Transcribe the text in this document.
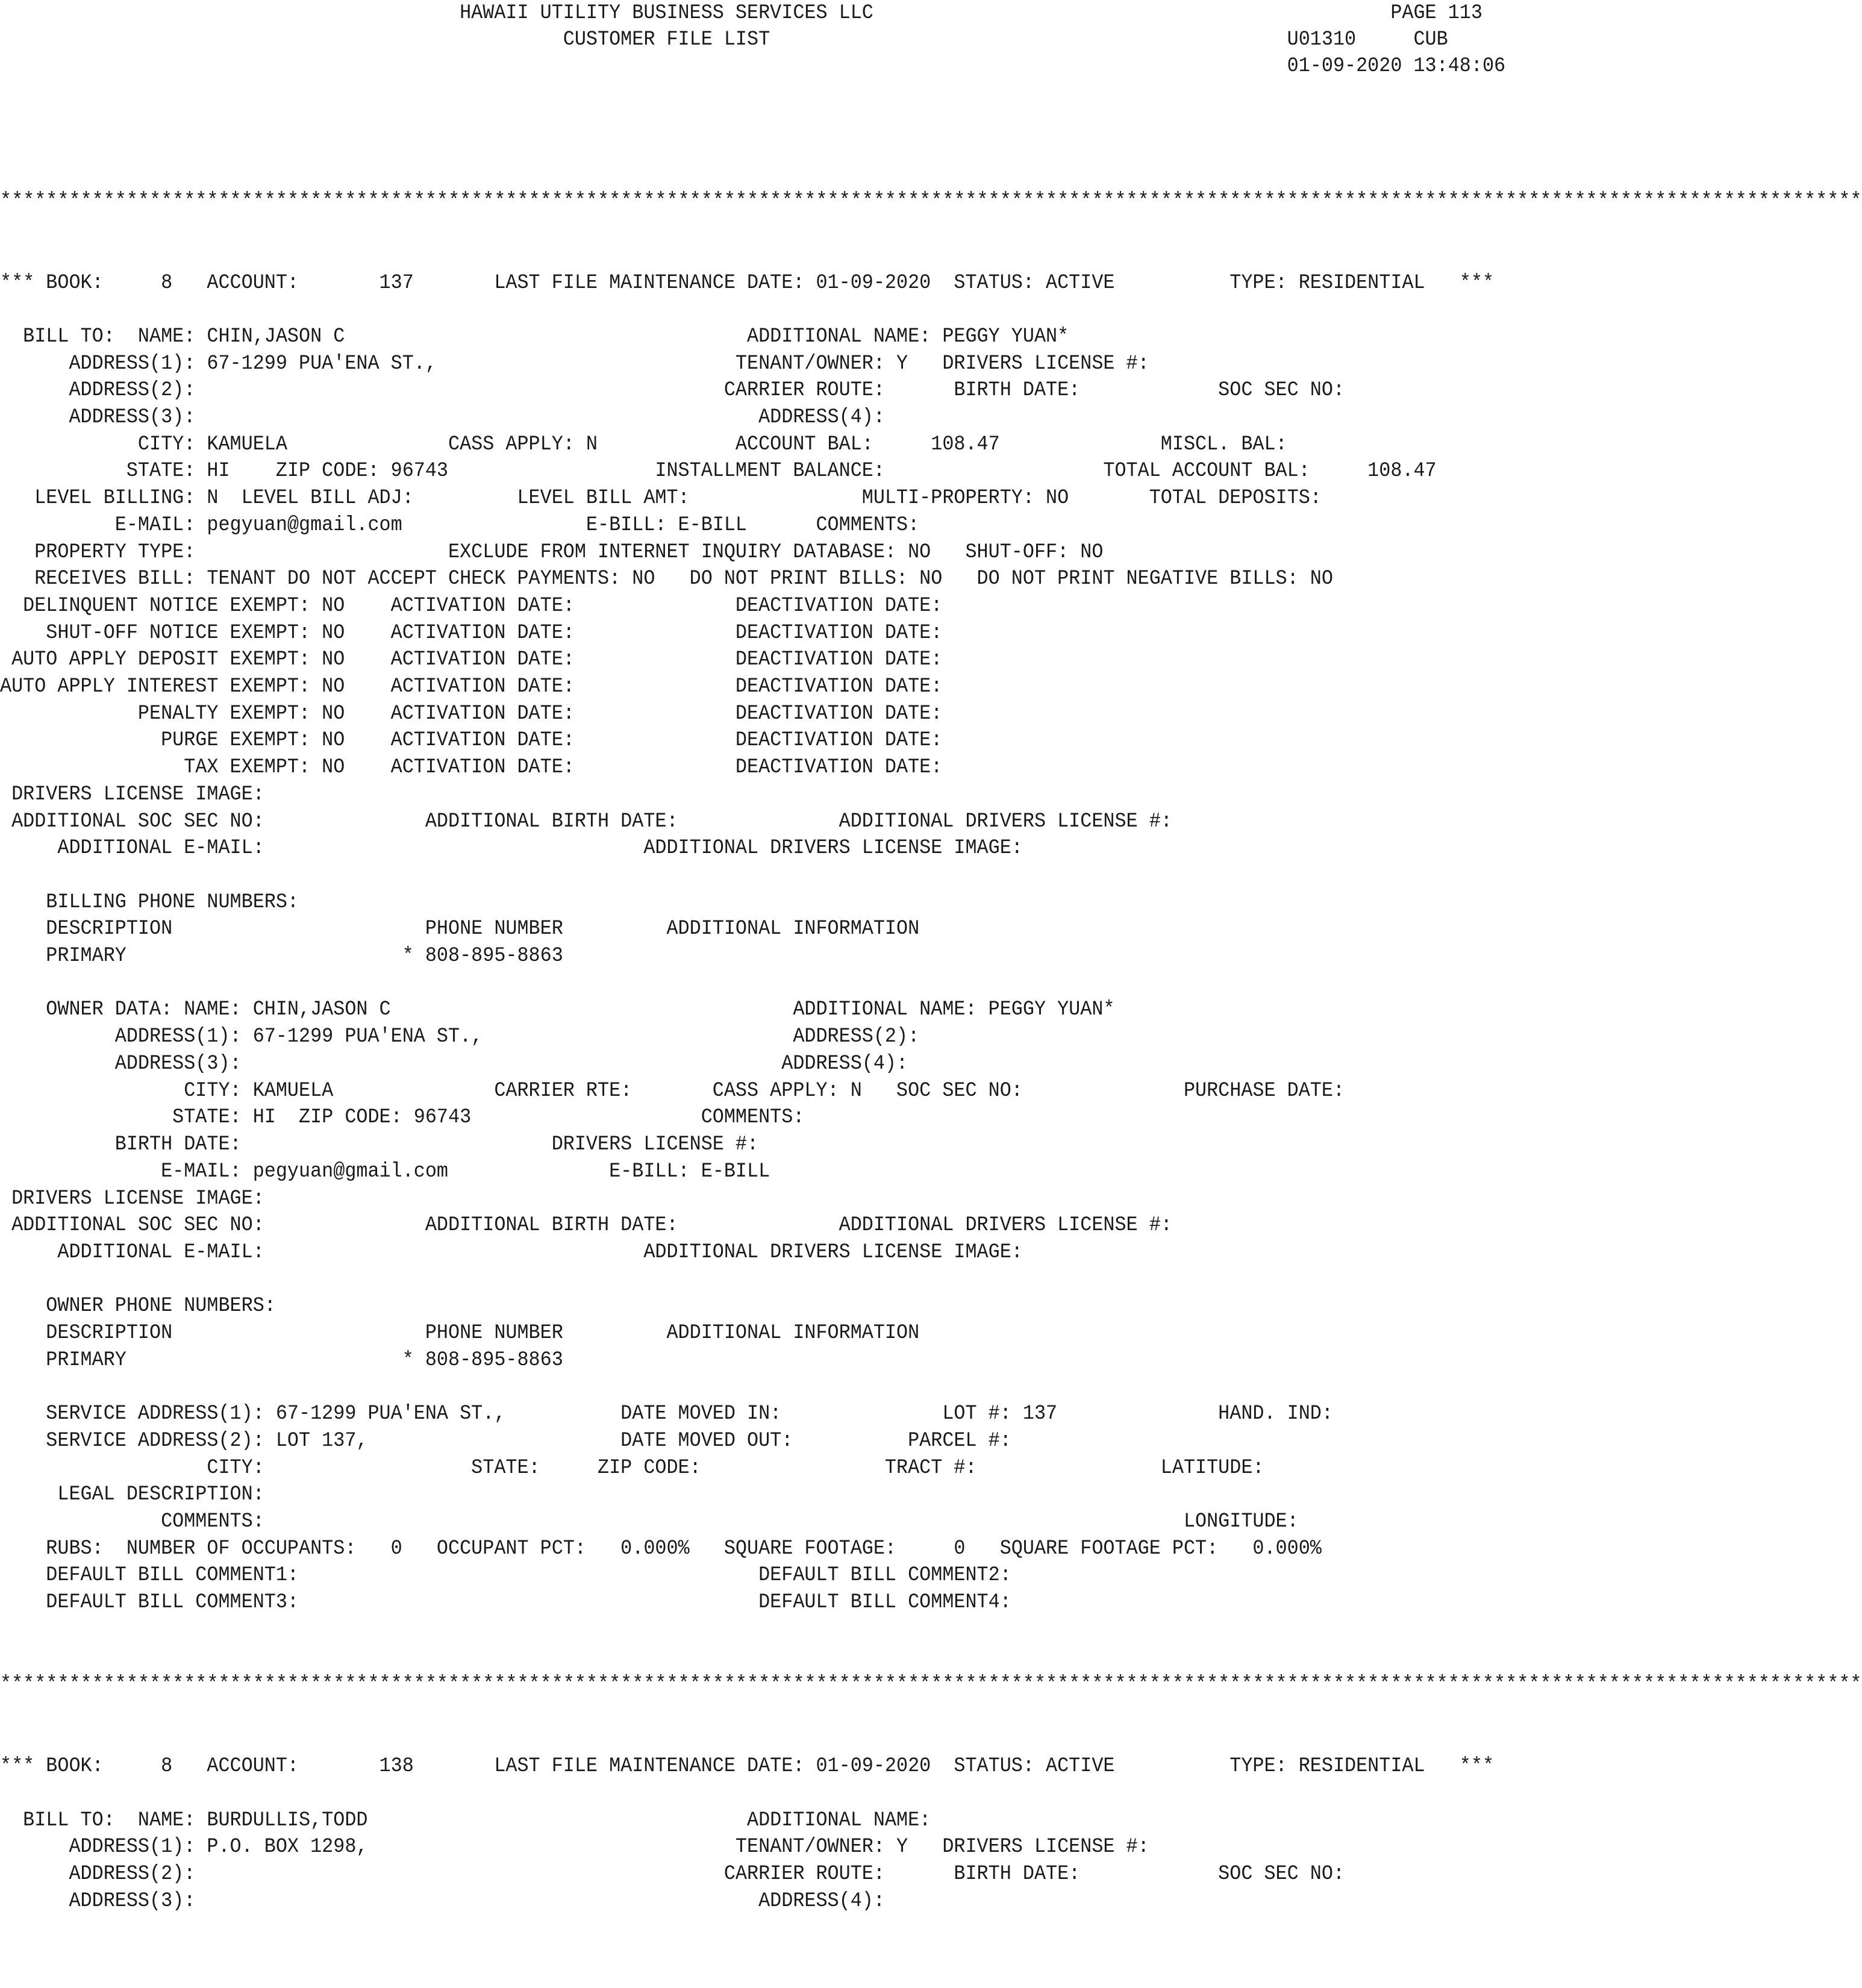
HAWAII UTILITY BUSINESS SERVICES LLC                                             PAGE 113
CUSTOMER FILE LIST                                             U01310     CUB
01-09-2020 13:48:06
******************************************************************************************************************************************************************
*** BOOK:     8   ACCOUNT:       137       LAST FILE MAINTENANCE DATE: 01-09-2020  STATUS: ACTIVE          TYPE: RESIDENTIAL   ***
BILL TO:  NAME: CHIN,JASON C                                   ADDITIONAL NAME: PEGGY YUAN*
ADDRESS(1): 67-1299 PUA'ENA ST.,                          TENANT/OWNER: Y   DRIVERS LICENSE #:
ADDRESS(2):                                              CARRIER ROUTE:      BIRTH DATE:            SOC SEC NO:
ADDRESS(3):                                                 ADDRESS(4):
CITY: KAMUELA              CASS APPLY: N            ACCOUNT BAL:     108.47              MISCL. BAL:
STATE: HI    ZIP CODE: 96743                  INSTALLMENT BALANCE:                   TOTAL ACCOUNT BAL:     108.47
LEVEL BILLING: N  LEVEL BILL ADJ:         LEVEL BILL AMT:               MULTI-PROPERTY: NO       TOTAL DEPOSITS:
E-MAIL: pegyuan@gmail.com                E-BILL: E-BILL      COMMENTS:
PROPERTY TYPE:                      EXCLUDE FROM INTERNET INQUIRY DATABASE: NO   SHUT-OFF: NO
RECEIVES BILL: TENANT DO NOT ACCEPT CHECK PAYMENTS: NO   DO NOT PRINT BILLS: NO   DO NOT PRINT NEGATIVE BILLS: NO
DELINQUENT NOTICE EXEMPT: NO    ACTIVATION DATE:              DEACTIVATION DATE:
SHUT-OFF NOTICE EXEMPT: NO    ACTIVATION DATE:              DEACTIVATION DATE:
AUTO APPLY DEPOSIT EXEMPT: NO    ACTIVATION DATE:              DEACTIVATION DATE:
AUTO APPLY INTEREST EXEMPT: NO    ACTIVATION DATE:              DEACTIVATION DATE:
PENALTY EXEMPT: NO    ACTIVATION DATE:              DEACTIVATION DATE:
PURGE EXEMPT: NO    ACTIVATION DATE:              DEACTIVATION DATE:
TAX EXEMPT: NO    ACTIVATION DATE:              DEACTIVATION DATE:
DRIVERS LICENSE IMAGE:
ADDITIONAL SOC SEC NO:              ADDITIONAL BIRTH DATE:              ADDITIONAL DRIVERS LICENSE #:
ADDITIONAL E-MAIL:                                 ADDITIONAL DRIVERS LICENSE IMAGE:
BILLING PHONE NUMBERS:
DESCRIPTION                      PHONE NUMBER         ADDITIONAL INFORMATION
PRIMARY                        * 808-895-8863
OWNER DATA: NAME: CHIN,JASON C                                   ADDITIONAL NAME: PEGGY YUAN*
ADDRESS(1): 67-1299 PUA'ENA ST.,                           ADDRESS(2):
ADDRESS(3):                                               ADDRESS(4):
CITY: KAMUELA              CARRIER RTE:       CASS APPLY: N   SOC SEC NO:              PURCHASE DATE:
STATE: HI  ZIP CODE: 96743                    COMMENTS:
BIRTH DATE:                           DRIVERS LICENSE #:
E-MAIL: pegyuan@gmail.com              E-BILL: E-BILL
DRIVERS LICENSE IMAGE:
ADDITIONAL SOC SEC NO:              ADDITIONAL BIRTH DATE:              ADDITIONAL DRIVERS LICENSE #:
ADDITIONAL E-MAIL:                                 ADDITIONAL DRIVERS LICENSE IMAGE:
OWNER PHONE NUMBERS:
DESCRIPTION                      PHONE NUMBER         ADDITIONAL INFORMATION
PRIMARY                        * 808-895-8863
SERVICE ADDRESS(1): 67-1299 PUA'ENA ST.,          DATE MOVED IN:              LOT #: 137              HAND. IND:
SERVICE ADDRESS(2): LOT 137,                      DATE MOVED OUT:          PARCEL #:
CITY:                  STATE:     ZIP CODE:                TRACT #:                LATITUDE:
LEGAL DESCRIPTION:
COMMENTS:                                                                                LONGITUDE:
RUBS:  NUMBER OF OCCUPANTS:   0   OCCUPANT PCT:   0.000%   SQUARE FOOTAGE:     0   SQUARE FOOTAGE PCT:   0.000%
DEFAULT BILL COMMENT1:                                        DEFAULT BILL COMMENT2:
DEFAULT BILL COMMENT3:                                        DEFAULT BILL COMMENT4:
******************************************************************************************************************************************************************
*** BOOK:     8   ACCOUNT:       138       LAST FILE MAINTENANCE DATE: 01-09-2020  STATUS: ACTIVE          TYPE: RESIDENTIAL   ***
BILL TO:  NAME: BURDULLIS,TODD                                 ADDITIONAL NAME:
ADDRESS(1): P.O. BOX 1298,                                TENANT/OWNER: Y   DRIVERS LICENSE #:
ADDRESS(2):                                              CARRIER ROUTE:      BIRTH DATE:            SOC SEC NO:
ADDRESS(3):                                                 ADDRESS(4):
